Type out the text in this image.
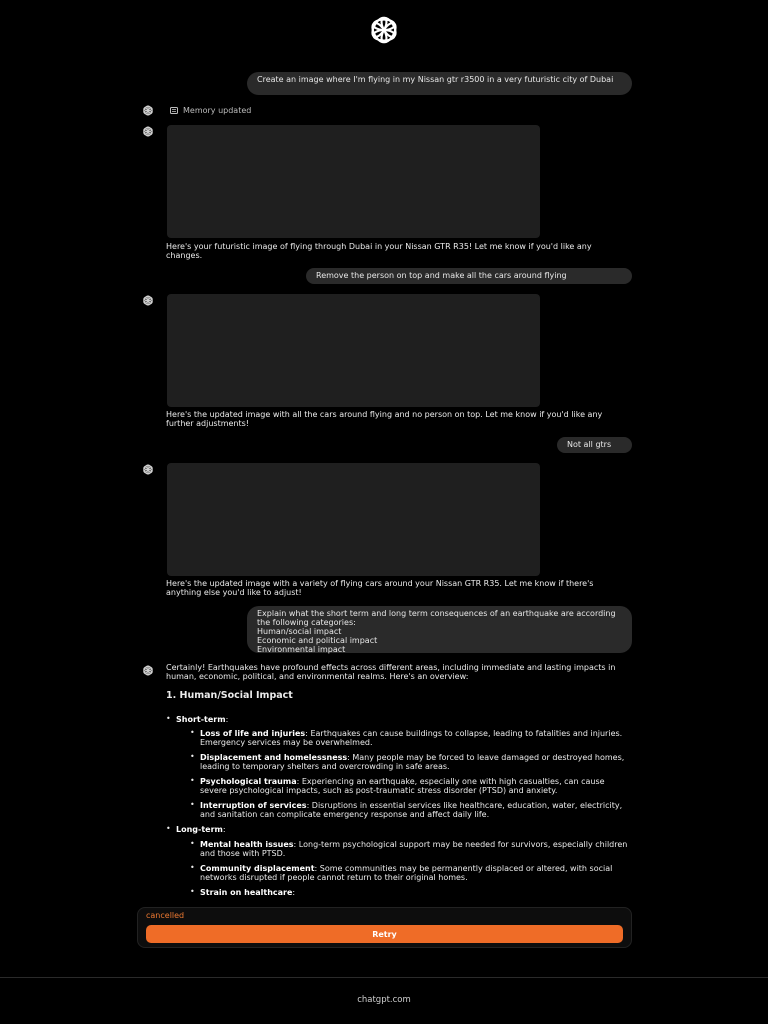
Create an image where I'm flying in my Nissan gtr r3500 in a very futuristic city of Dubai
Memory updated
Here's your futuristic image of flying through Dubai in your Nissan GTR R35! Let me know if you'd like any changes.
Remove the person on top and make all the cars around flying
Here's the updated image with all the cars around flying and no person on top. Let me know if you'd like any further adjustments!
Not all gtrs
Here's the updated image with a variety of flying cars around your Nissan GTR R35. Let me know if there's anything else you'd like to adjust!
Explain what the short term and long term consequences of an earthquake are according the following categories:
Human/social impact
Economic and political impact
Environmental impact
Certainly! Earthquakes have profound effects across different areas, including immediate and lasting impacts in human, economic, political, and environmental realms. Here's an overview:
1. Human/Social Impact
• Short-term:
• Loss of life and injuries: Earthquakes can cause buildings to collapse, leading to fatalities and injuries. Emergency services may be overwhelmed.
• Displacement and homelessness: Many people may be forced to leave damaged or destroyed homes, leading to temporary shelters and overcrowding in safe areas.
• Psychological trauma: Experiencing an earthquake, especially one with high casualties, can cause severe psychological impacts, such as post-traumatic stress disorder (PTSD) and anxiety.
• Interruption of services: Disruptions in essential services like healthcare, education, water, electricity, and sanitation can complicate emergency response and affect daily life.
• Long-term:
• Mental health issues: Long-term psychological support may be needed for survivors, especially children and those with PTSD.
• Community displacement: Some communities may be permanently displaced or altered, with social networks disrupted if people cannot return to their original homes.
• Strain on healthcare:
cancelled
Retry
chatgpt.com
